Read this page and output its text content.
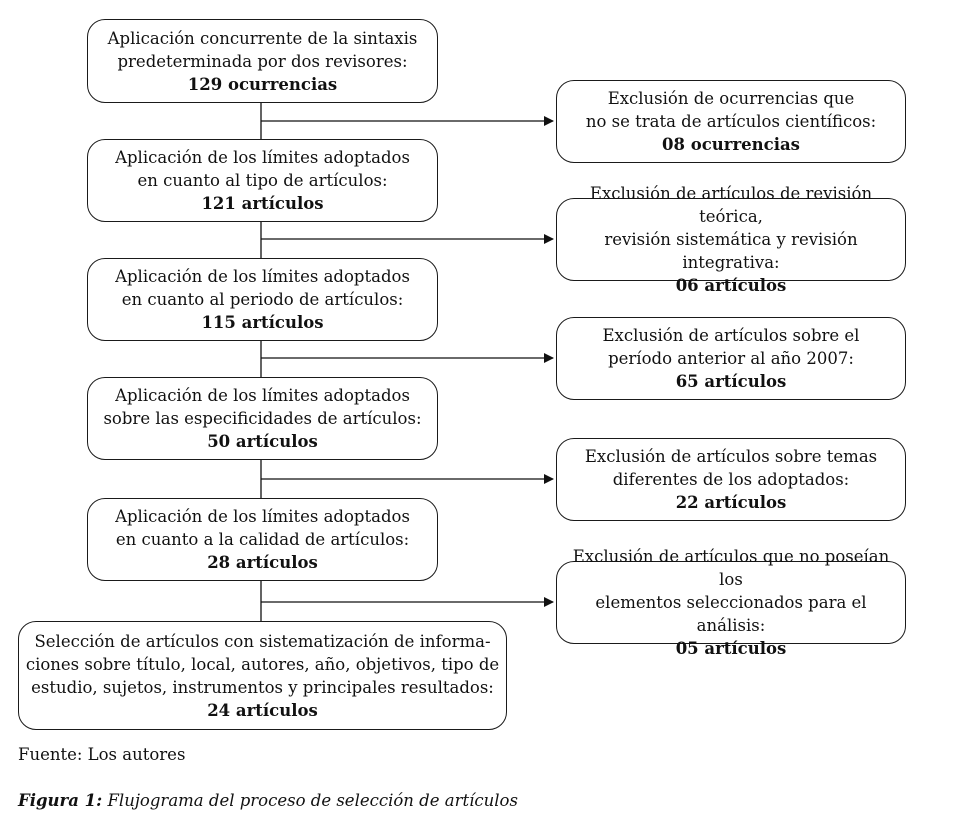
Aplicación concurrente de la sintaxis
predeterminada por dos revisores:
129 ocurrencias
Aplicación de los límites adoptados
en cuanto al tipo de artículos:
121 artículos
Aplicación de los límites adoptados
en cuanto al periodo de artículos:
115 artículos
Aplicación de los límites adoptados
sobre las especificidades de artículos:
50 artículos
Aplicación de los límites adoptados
en cuanto a la calidad de artículos:
28 artículos
Selección de artículos con sistematización de informa-
ciones sobre título, local, autores, año, objetivos, tipo de
estudio, sujetos, instrumentos y principales resultados:
24 artículos
Exclusión de ocurrencias que
no se trata de artículos científicos:
08 ocurrencias
Exclusión de artículos de revisión teórica,
revisión sistemática y revisión integrativa:
06 artículos
Exclusión de artículos sobre el
período anterior al año 2007:
65 artículos
Exclusión de artículos sobre temas
diferentes de los adoptados:
22 artículos
Exclusión de artículos que no poseían los
elementos seleccionados para el análisis:
05 artículos
Fuente: Los autores
Figura 1: Flujograma del proceso de selección de artículos
